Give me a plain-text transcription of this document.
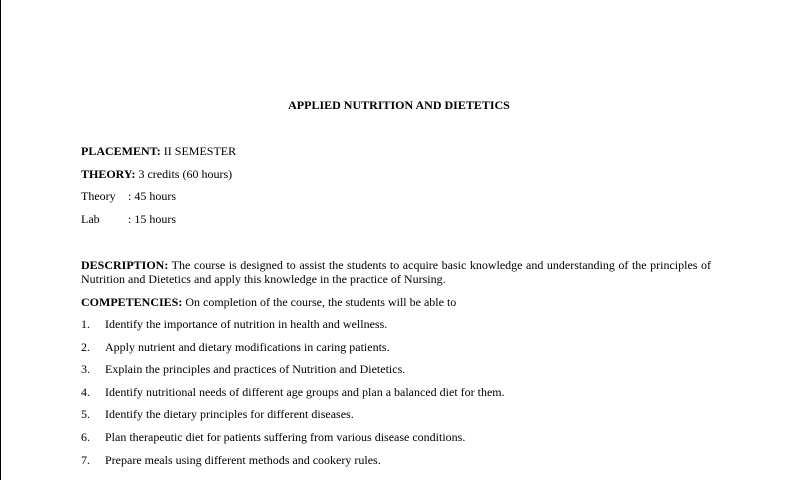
APPLIED NUTRITION AND DIETETICS
PLACEMENT: II SEMESTER
THEORY: 3 credits (60 hours)
Theory : 45 hours
Lab : 15 hours
DESCRIPTION: The course is designed to assist the students to acquire basic knowledge and understanding of the principles of Nutrition and Dietetics and apply this knowledge in the practice of Nursing.
COMPETENCIES: On completion of the course, the students will be able to
1. Identify the importance of nutrition in health and wellness.
2. Apply nutrient and dietary modifications in caring patients.
3. Explain the principles and practices of Nutrition and Dietetics.
4. Identify nutritional needs of different age groups and plan a balanced diet for them.
5. Identify the dietary principles for different diseases.
6. Plan therapeutic diet for patients suffering from various disease conditions.
7. Prepare meals using different methods and cookery rules.
